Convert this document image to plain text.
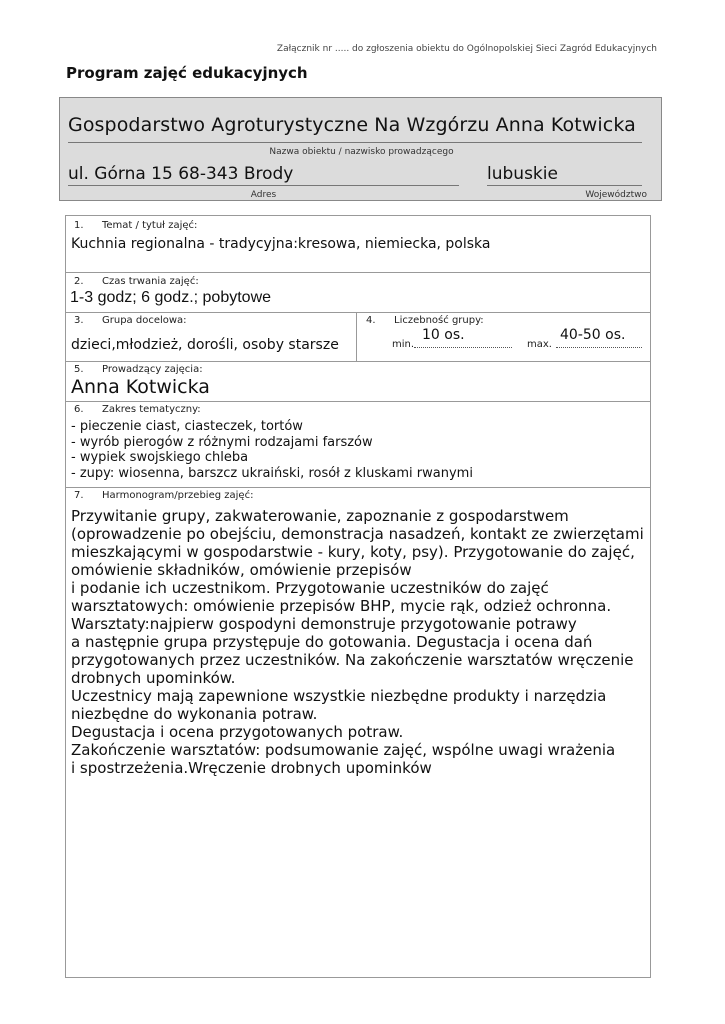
Załącznik nr ..... do zgłoszenia obiektu do Ogólnopolskiej Sieci Zagród Edukacyjnych
Program zajęć edukacyjnych
Gospodarstwo Agroturystyczne Na Wzgórzu Anna Kotwicka
Nazwa obiektu / nazwisko prowadzącego
ul. Górna 15 68-343 Brody
Adres
lubuskie
Województwo
1. Temat / tytuł zajęć:
Kuchnia regionalna - tradycyjna:kresowa, niemiecka, polska
2. Czas trwania zajęć:
1-3 godz; 6 godz.; pobytowe
3. Grupa docelowa:
dzieci,młodzież, dorośli, osoby starsze
4. Liczebność grupy:
min.
10 os.
max.
40-50 os.
5. Prowadzący zajęcia:
Anna Kotwicka
6. Zakres tematyczny:
- pieczenie ciast, ciasteczek, tortów
- wyrób pierogów z różnymi rodzajami farszów
- wypiek swojskiego chleba
- zupy: wiosenna, barszcz ukraiński, rosół z kluskami rwanymi
7. Harmonogram/przebieg zajęć:
Przywitanie grupy, zakwaterowanie, zapoznanie z gospodarstwem
(oprowadzenie po obejściu, demonstracja nasadzeń, kontakt ze zwierzętami
mieszkającymi w gospodarstwie - kury, koty, psy). Przygotowanie do zajęć,
omówienie składników, omówienie przepisów
i podanie ich uczestnikom. Przygotowanie uczestników do zajęć
warsztatowych: omówienie przepisów BHP, mycie rąk, odzież ochronna.
Warsztaty:najpierw gospodyni demonstruje przygotowanie potrawy
a następnie grupa przystępuje do gotowania. Degustacja i ocena dań
przygotowanych przez uczestników. Na zakończenie warsztatów wręczenie
drobnych upominków.
Uczestnicy mają zapewnione wszystkie niezbędne produkty i narzędzia
niezbędne do wykonania potraw.
Degustacja i ocena przygotowanych potraw.
Zakończenie warsztatów: podsumowanie zajęć, wspólne uwagi wrażenia
i spostrzeżenia.Wręczenie drobnych upominków
